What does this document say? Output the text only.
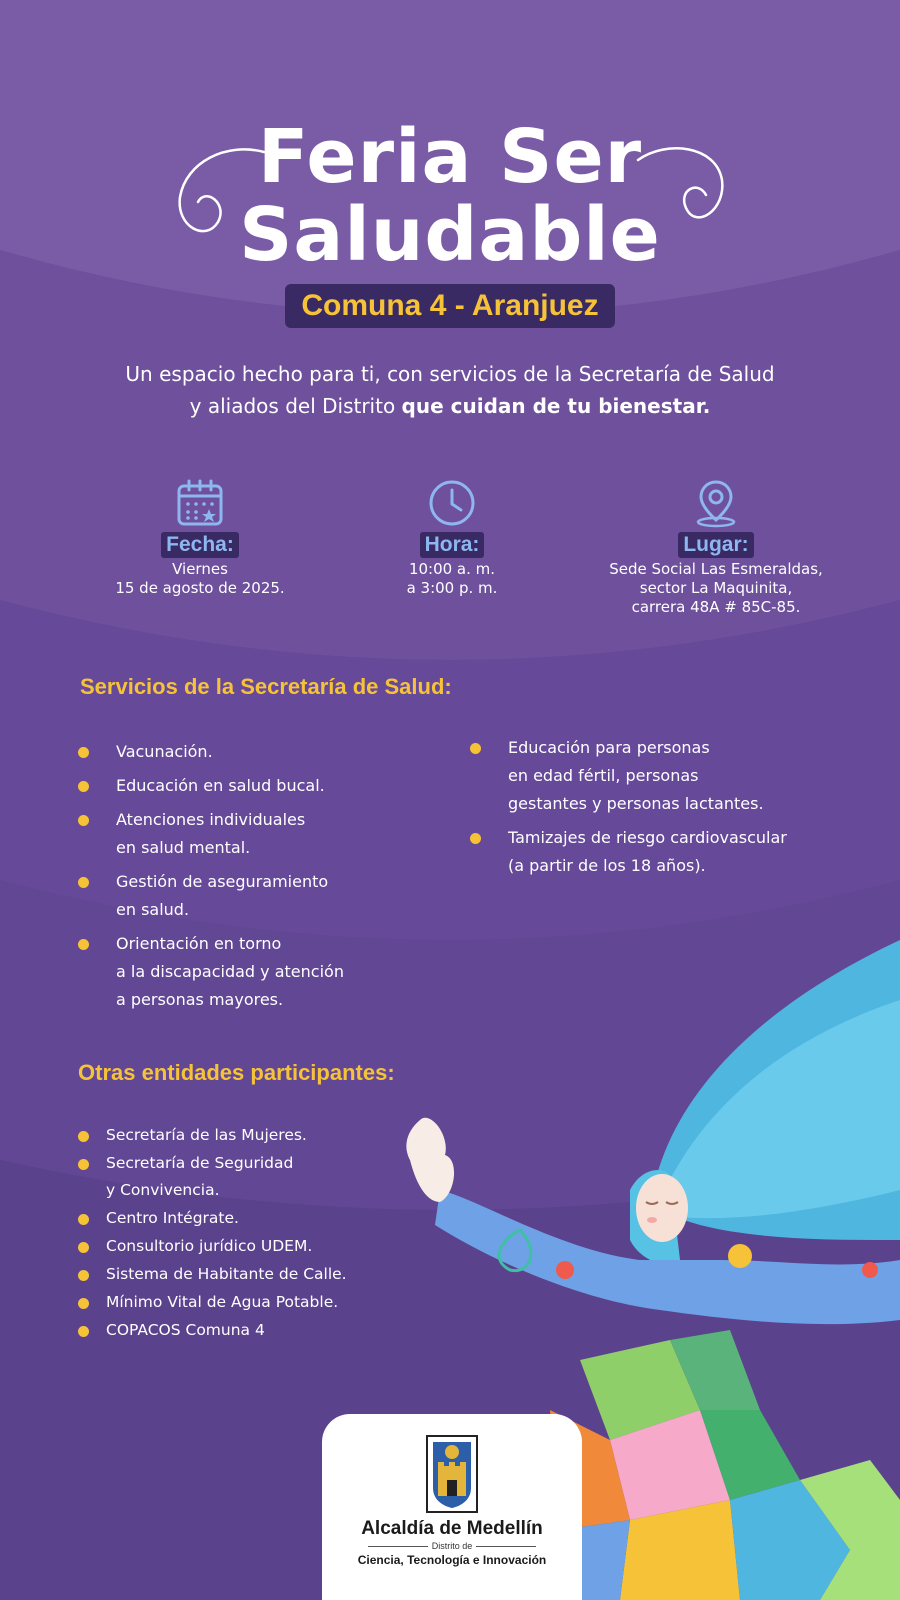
Feria Ser
Saludable
Comuna 4 - Aranjuez
Un espacio hecho para ti, con servicios de la Secretaría de Salud
y aliados del Distrito que cuidan de tu bienestar.
Fecha:
Viernes
15 de agosto de 2025.
Hora:
10:00 a. m.
a 3:00 p. m.
Lugar:
Sede Social Las Esmeraldas,
sector La Maquinita,
carrera 48A # 85C-85.
Servicios de la Secretaría de Salud:
Vacunación.
Educación en salud bucal.
Atenciones individuales
en salud mental.
Gestión de aseguramiento
en salud.
Orientación en torno
a la discapacidad y atención
a personas mayores.
Educación para personas
en edad fértil, personas
gestantes y personas lactantes.
Tamizajes de riesgo cardiovascular
(a partir de los 18 años).
Otras entidades participantes:
Secretaría de las Mujeres.
Secretaría de Seguridad
y Convivencia.
Centro Intégrate.
Consultorio jurídico UDEM.
Sistema de Habitante de Calle.
Mínimo Vital de Agua Potable.
COPACOS Comuna 4
Alcaldía de Medellín
Distrito de
Ciencia, Tecnología e Innovación
